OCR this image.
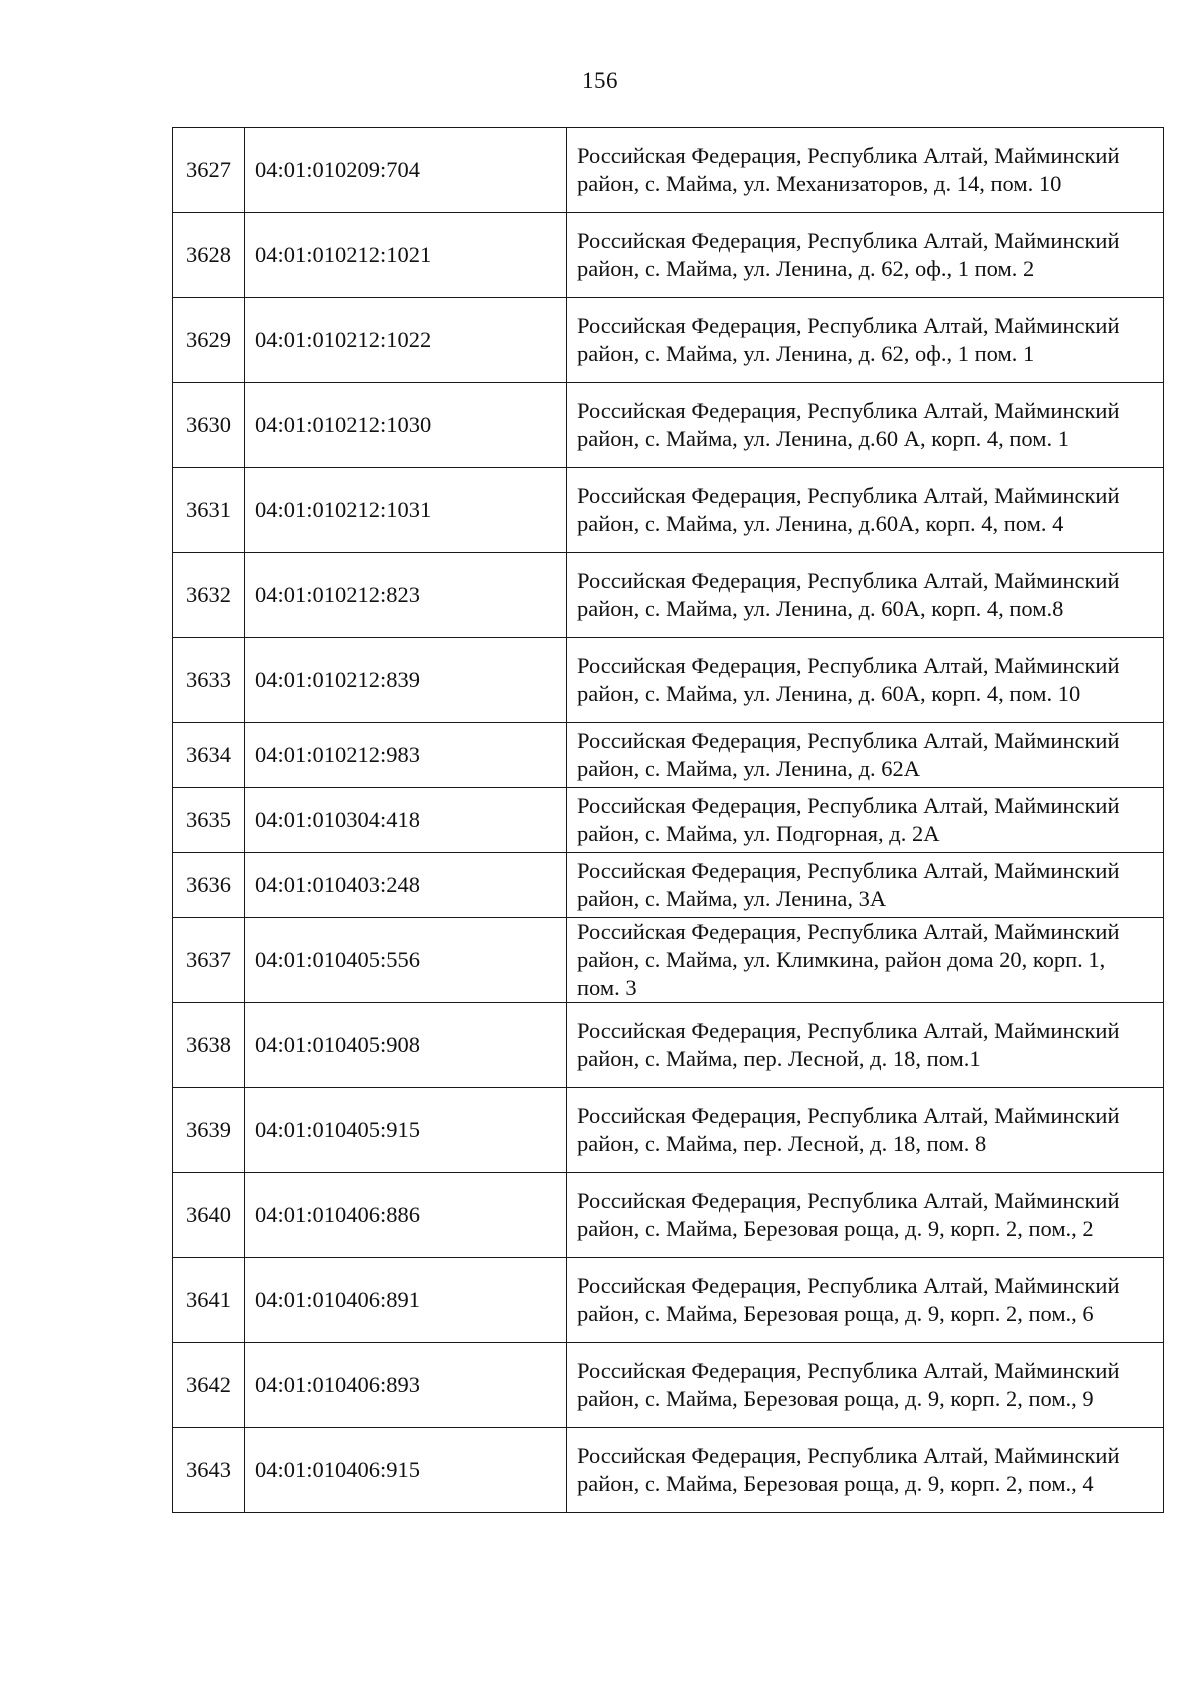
156
3627	04:01:010209:704	Российская Федерация, Республика Алтай, Майминский район, с. Майма, ул. Механизаторов, д. 14, пом. 10
3628	04:01:010212:1021	Российская Федерация, Республика Алтай, Майминский район, с. Майма, ул. Ленина, д. 62, оф., 1 пом. 2
3629	04:01:010212:1022	Российская Федерация, Республика Алтай, Майминский район, с. Майма, ул. Ленина, д. 62, оф., 1 пом. 1
3630	04:01:010212:1030	Российская Федерация, Республика Алтай, Майминский район, с. Майма, ул. Ленина, д.60 А, корп. 4, пом. 1
3631	04:01:010212:1031	Российская Федерация, Республика Алтай, Майминский район, с. Майма, ул. Ленина, д.60А, корп. 4, пом. 4
3632	04:01:010212:823	Российская Федерация, Республика Алтай, Майминский район, с. Майма, ул. Ленина, д. 60А, корп. 4, пом.8
3633	04:01:010212:839	Российская Федерация, Республика Алтай, Майминский район, с. Майма, ул. Ленина, д. 60А, корп. 4, пом. 10
3634	04:01:010212:983	Российская Федерация, Республика Алтай, Майминский район, с. Майма, ул. Ленина, д. 62А
3635	04:01:010304:418	Российская Федерация, Республика Алтай, Майминский район, с. Майма, ул. Подгорная, д. 2А
3636	04:01:010403:248	Российская Федерация, Республика Алтай, Майминский район, с. Майма, ул. Ленина, 3А
3637	04:01:010405:556	Российская Федерация, Республика Алтай, Майминский район, с. Майма, ул. Климкина, район дома 20, корп. 1, пом. 3
3638	04:01:010405:908	Российская Федерация, Республика Алтай, Майминский район, с. Майма, пер. Лесной, д. 18, пом.1
3639	04:01:010405:915	Российская Федерация, Республика Алтай, Майминский район, с. Майма, пер. Лесной, д. 18, пом. 8
3640	04:01:010406:886	Российская Федерация, Республика Алтай, Майминский район, с. Майма, Березовая роща, д. 9, корп. 2, пом., 2
3641	04:01:010406:891	Российская Федерация, Республика Алтай, Майминский район, с. Майма, Березовая роща, д. 9, корп. 2, пом., 6
3642	04:01:010406:893	Российская Федерация, Республика Алтай, Майминский район, с. Майма, Березовая роща, д. 9, корп. 2, пом., 9
3643	04:01:010406:915	Российская Федерация, Республика Алтай, Майминский район, с. Майма, Березовая роща, д. 9, корп. 2, пом., 4
